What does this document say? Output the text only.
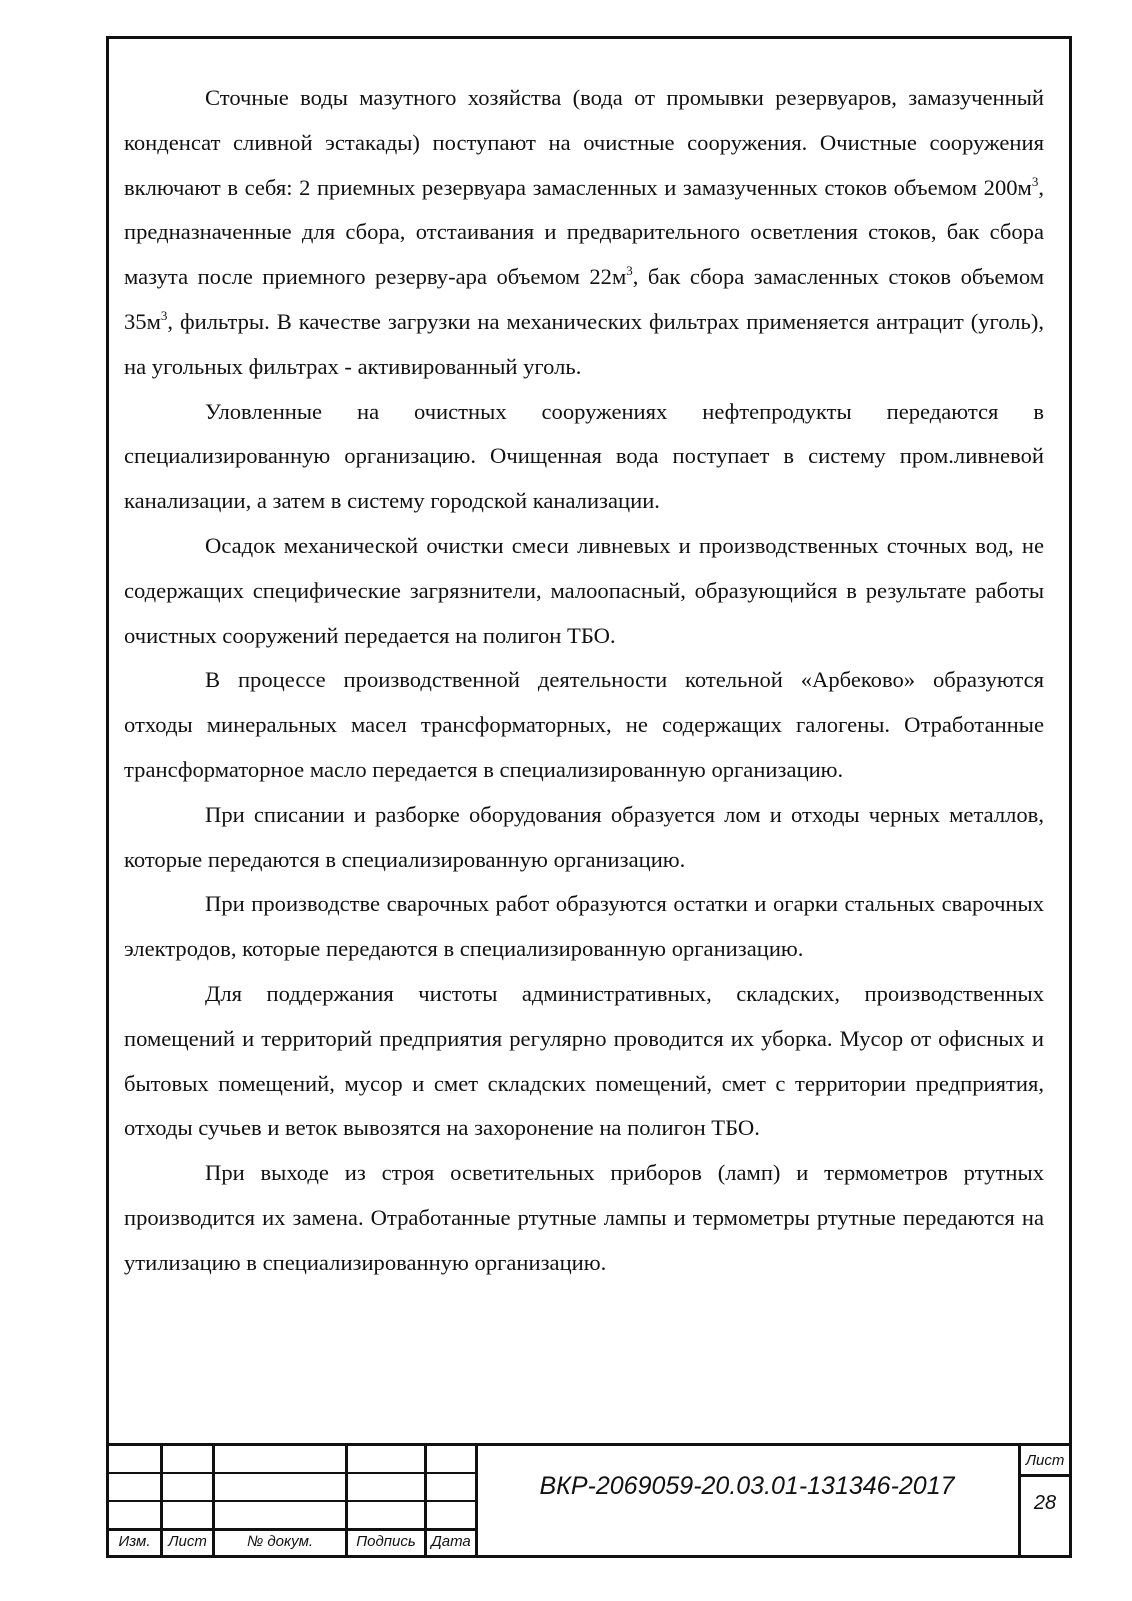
Сточные воды мазутного хозяйства (вода от промывки резервуаров, замазученный конденсат сливной эстакады) поступают на очистные сооружения. Очистные сооружения включают в себя: 2 приемных резервуара замасленных и замазученных стоков объемом $200м^3$, предназначенные для сбора, отстаивания и предварительного осветления стоков, бак сбора мазута после приемного резерву-ара объемом $22м^3$, бак сбора замасленных стоков объемом $35м^3$, фильтры. В качестве загрузки на механических фильтрах применяется антрацит (уголь), на угольных фильтрах - активированный уголь.

Уловленные на очистных сооружениях нефтепродукты передаются в специализированную организацию. Очищенная вода поступает в систему пром.ливневой канализации, а затем в систему городской канализации.

Осадок механической очистки смеси ливневых и производственных сточных вод, не содержащих специфические загрязнители, малоопасный, образующийся в результате работы очистных сооружений передается на полигон ТБО.

В процессе производственной деятельности котельной «Арбеково» образуются отходы минеральных масел трансформаторных, не содержащих галогены. Отработанные трансформаторное масло передается в специализированную организацию.

При списании и разборке оборудования образуется лом и отходы черных металлов, которые передаются в специализированную организацию.

При производстве сварочных работ образуются остатки и огарки стальных сварочных электродов, которые передаются в специализированную организацию.

Для поддержания чистоты административных, складских, производственных помещений и территорий предприятия регулярно проводится их уборка. Мусор от офисных и бытовых помещений, мусор и смет складских помещений, смет с территории предприятия, отходы сучьев и веток вывозятся на захоронение на полигон ТБО.

При выходе из строя осветительных приборов (ламп) и термометров ртутных производится их замена. Отработанные ртутные лампы и термометры ртутные передаются на утилизацию в специализированную организацию.

Изм.	Лист	№ докум.	Подпись	Дата
ВКР-2069059-20.03.01-131346-2017
Лист
28
